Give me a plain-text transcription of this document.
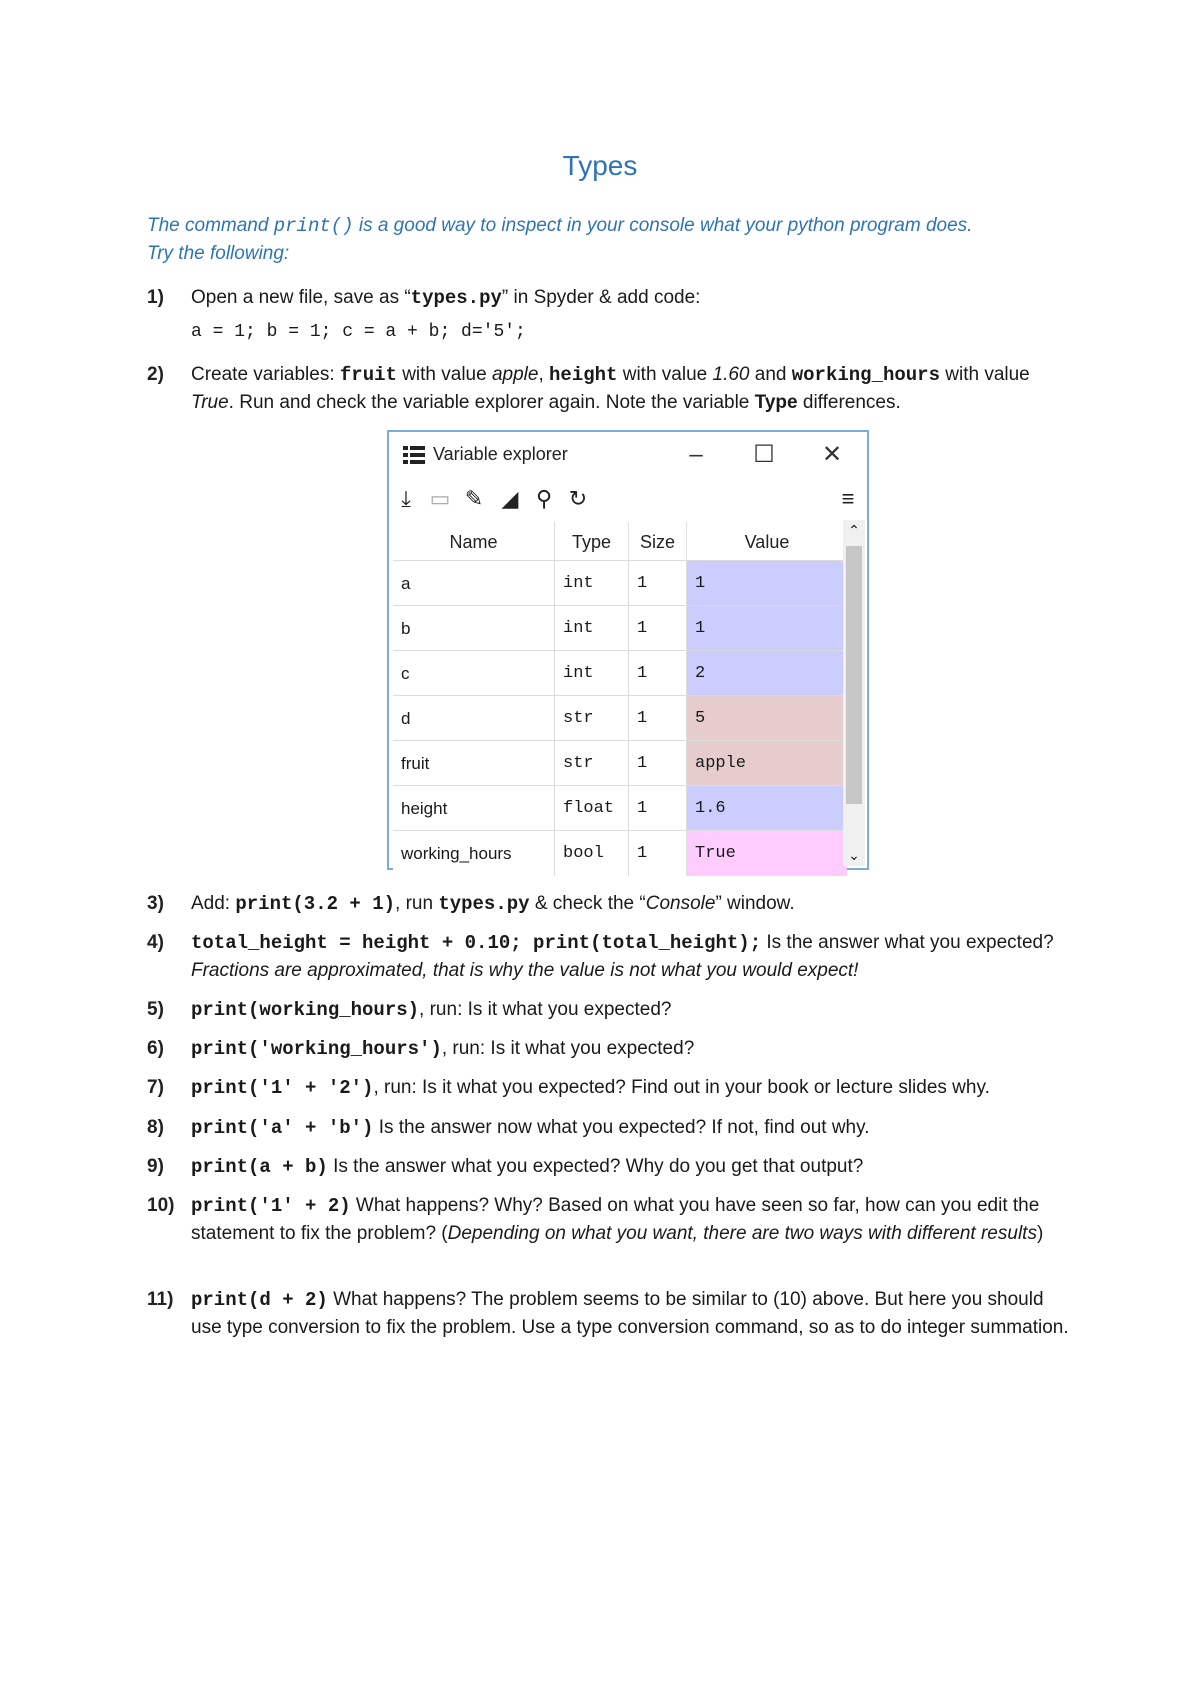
Types
The command print() is a good way to inspect in your console what your python program does.
Try the following:
1)	Open a new file, save as “types.py” in Spyder & add code:
a = 1; b = 1; c = a + b; d='5';
2)	Create variables: fruit with value apple, height with value 1.60 and working_hours with value True. Run and check the variable explorer again. Note the variable Type differences.
Variable explorer	–	☐ ✕
⤓ ▭ ✎ ◢ ⚲ ↻	≡
Name	Type	Size	Value
a	int	1	1
b	int	1	1
c	int	1	2
d	str	1	5
fruit	str	1	apple
height	float	1	1.6
working_hours	bool	1	True
⌃
⌄
3)	Add: print(3.2 + 1), run types.py & check the “Console” window.
4)	total_height = height + 0.10; print(total_height); Is the answer what you expected? Fractions are approximated, that is why the value is not what you would expect!
5)	print(working_hours), run: Is it what you expected?
6)	print('working_hours'), run: Is it what you expected?
7)	print('1' + '2'), run: Is it what you expected? Find out in your book or lecture slides why.
8)	print('a' + 'b') Is the answer now what you expected? If not, find out why.
9)	print(a + b) Is the answer what you expected? Why do you get that output?
10) print('1' + 2) What happens? Why? Based on what you have seen so far, how can you edit the statement to fix the problem? (Depending on what you want, there are two ways with different results)
11) print(d + 2) What happens? The problem seems to be similar to (10) above. But here you should use type conversion to fix the problem. Use a type conversion command, so as to do integer summation.
